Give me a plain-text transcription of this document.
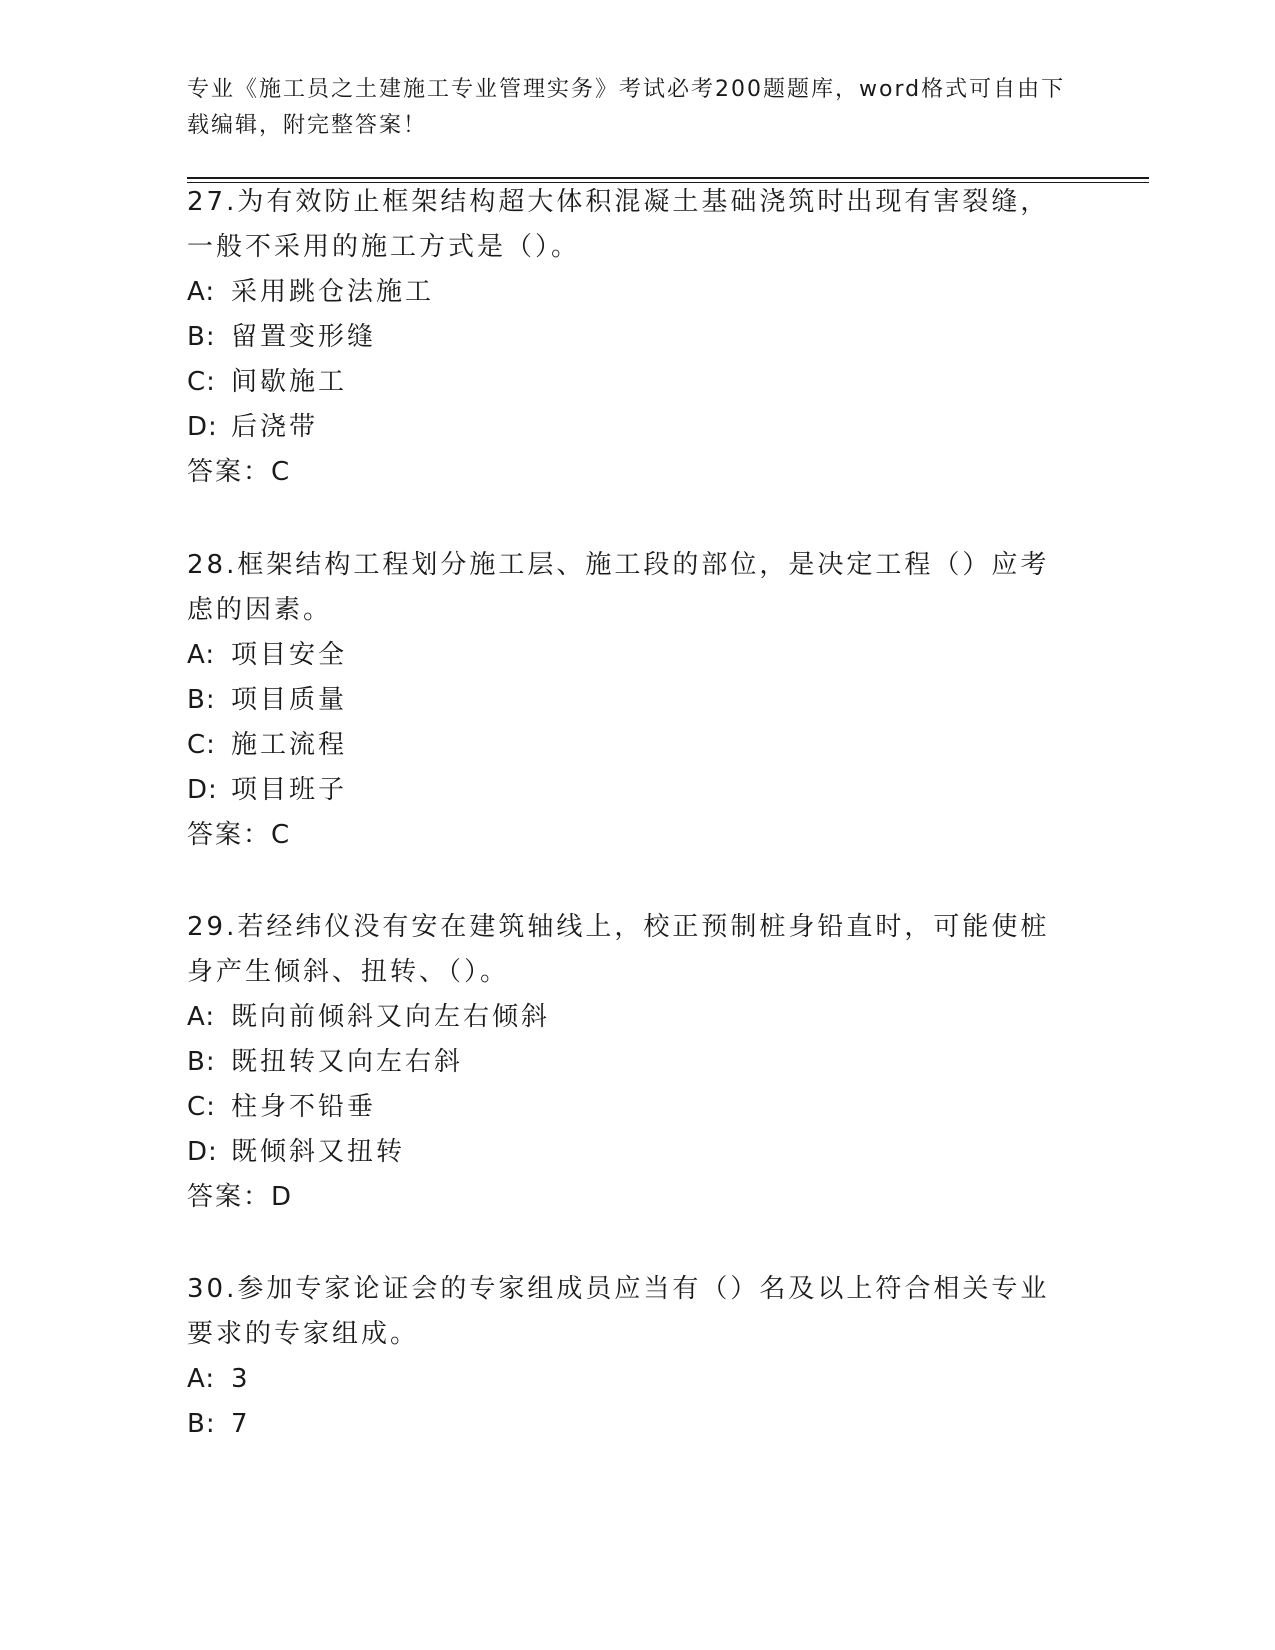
专业《施工员之土建施工专业管理实务》考试必考200题题库，word格式可自由下载编辑，附完整答案！

27.为有效防止框架结构超大体积混凝土基础浇筑时出现有害裂缝，一般不采用的施工方式是（）。

A: 采用跳仓法施工
B: 留置变形缝
C: 间歇施工
D: 后浇带
答案：C

28.框架结构工程划分施工层、施工段的部位，是决定工程（）应考虑的因素。

A: 项目安全
B: 项目质量
C: 施工流程
D: 项目班子
答案：C

29.若经纬仪没有安在建筑轴线上，校正预制桩身铅直时，可能使桩身产生倾斜、扭转、（）。

A: 既向前倾斜又向左右倾斜
B: 既扭转又向左右斜
C: 柱身不铅垂
D: 既倾斜又扭转
答案：D

30.参加专家论证会的专家组成员应当有（）名及以上符合相关专业要求的专家组成。

A: 3
B: 7
